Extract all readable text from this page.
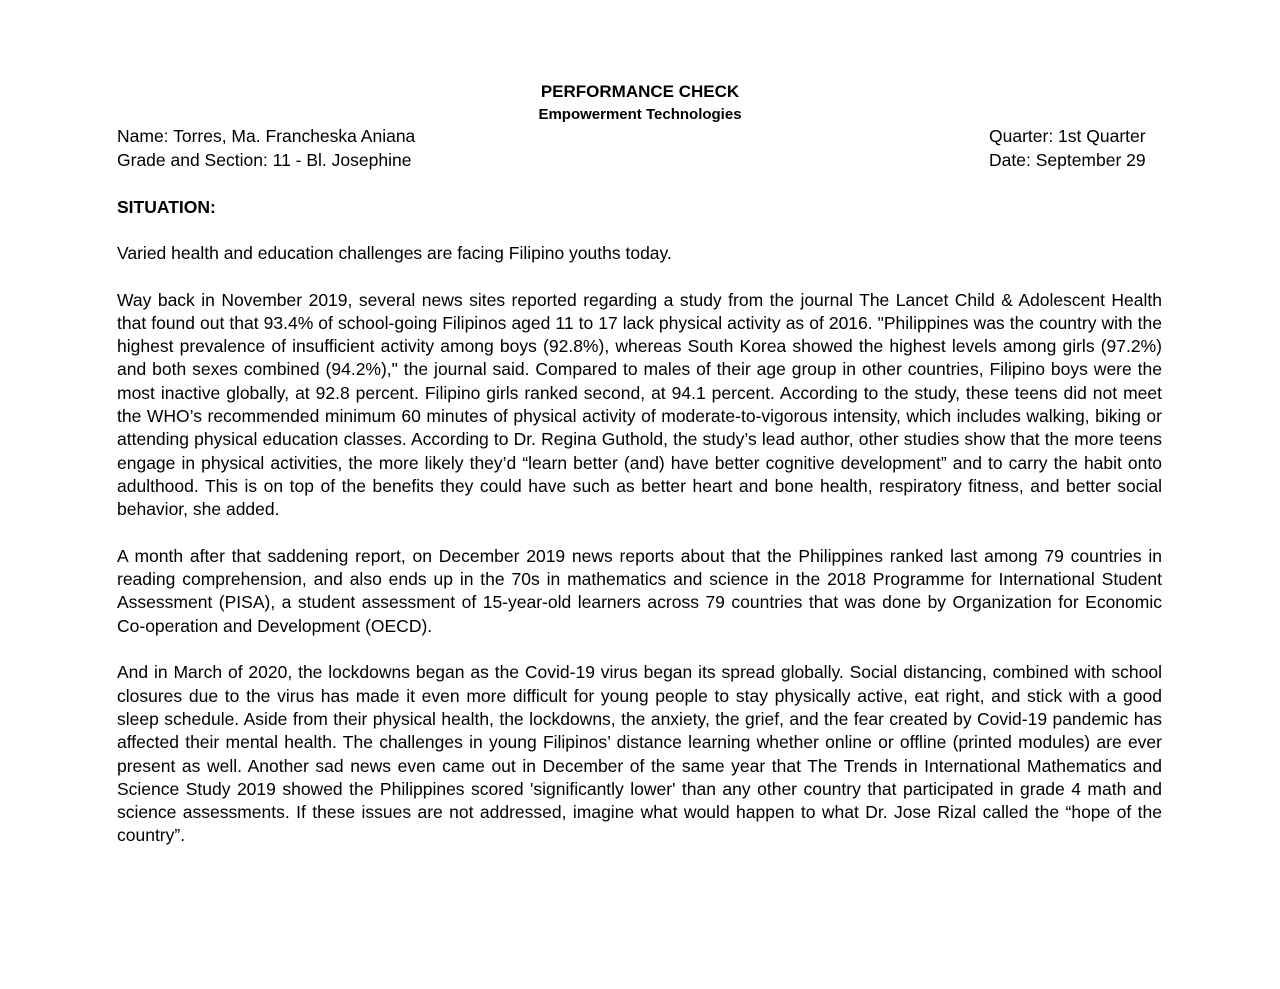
PERFORMANCE CHECK
Empowerment Technologies
Name: Torres, Ma. Francheska Aniana
Grade and Section: 11 - Bl. Josephine
Quarter: 1st Quarter
Date: September 29
SITUATION:

Varied health and education challenges are facing Filipino youths today.

Way back in November 2019, several news sites reported regarding a study from the journal The Lancet Child & Adolescent Health that found out that 93.4% of school-going Filipinos aged 11 to 17 lack physical activity as of 2016. "Philippines was the country with the highest prevalence of insufficient activity among boys (92.8%), whereas South Korea showed the highest levels among girls (97.2%) and both sexes combined (94.2%)," the journal said. Compared to males of their age group in other countries, Filipino boys were the most inactive globally, at 92.8 percent. Filipino girls ranked second, at 94.1 percent. According to the study, these teens did not meet the WHO’s recommended minimum 60 minutes of physical activity of moderate-to-vigorous intensity, which includes walking, biking or attending physical education classes. According to Dr. Regina Guthold, the study’s lead author, other studies show that the more teens engage in physical activities, the more likely they’d “learn better (and) have better cognitive development” and to carry the habit onto adulthood. This is on top of the benefits they could have such as better heart and bone health, respiratory fitness, and better social behavior, she added.

A month after that saddening report, on December 2019 news reports about that the Philippines ranked last among 79 countries in reading comprehension, and also ends up in the 70s in mathematics and science in the 2018 Programme for International Student Assessment (PISA), a student assessment of 15-year-old learners across 79 countries that was done by Organization for Economic Co-operation and Development (OECD).

And in March of 2020, the lockdowns began as the Covid-19 virus began its spread globally. Social distancing, combined with school closures due to the virus has made it even more difficult for young people to stay physically active, eat right, and stick with a good sleep schedule. Aside from their physical health, the lockdowns, the anxiety, the grief, and the fear created by Covid-19 pandemic has affected their mental health. The challenges in young Filipinos’ distance learning whether online or offline (printed modules) are ever present as well. Another sad news even came out in December of the same year that The Trends in International Mathematics and Science Study 2019 showed the Philippines scored 'significantly lower' than any other country that participated in grade 4 math and science assessments. If these issues are not addressed, imagine what would happen to what Dr. Jose Rizal called the “hope of the country”.
